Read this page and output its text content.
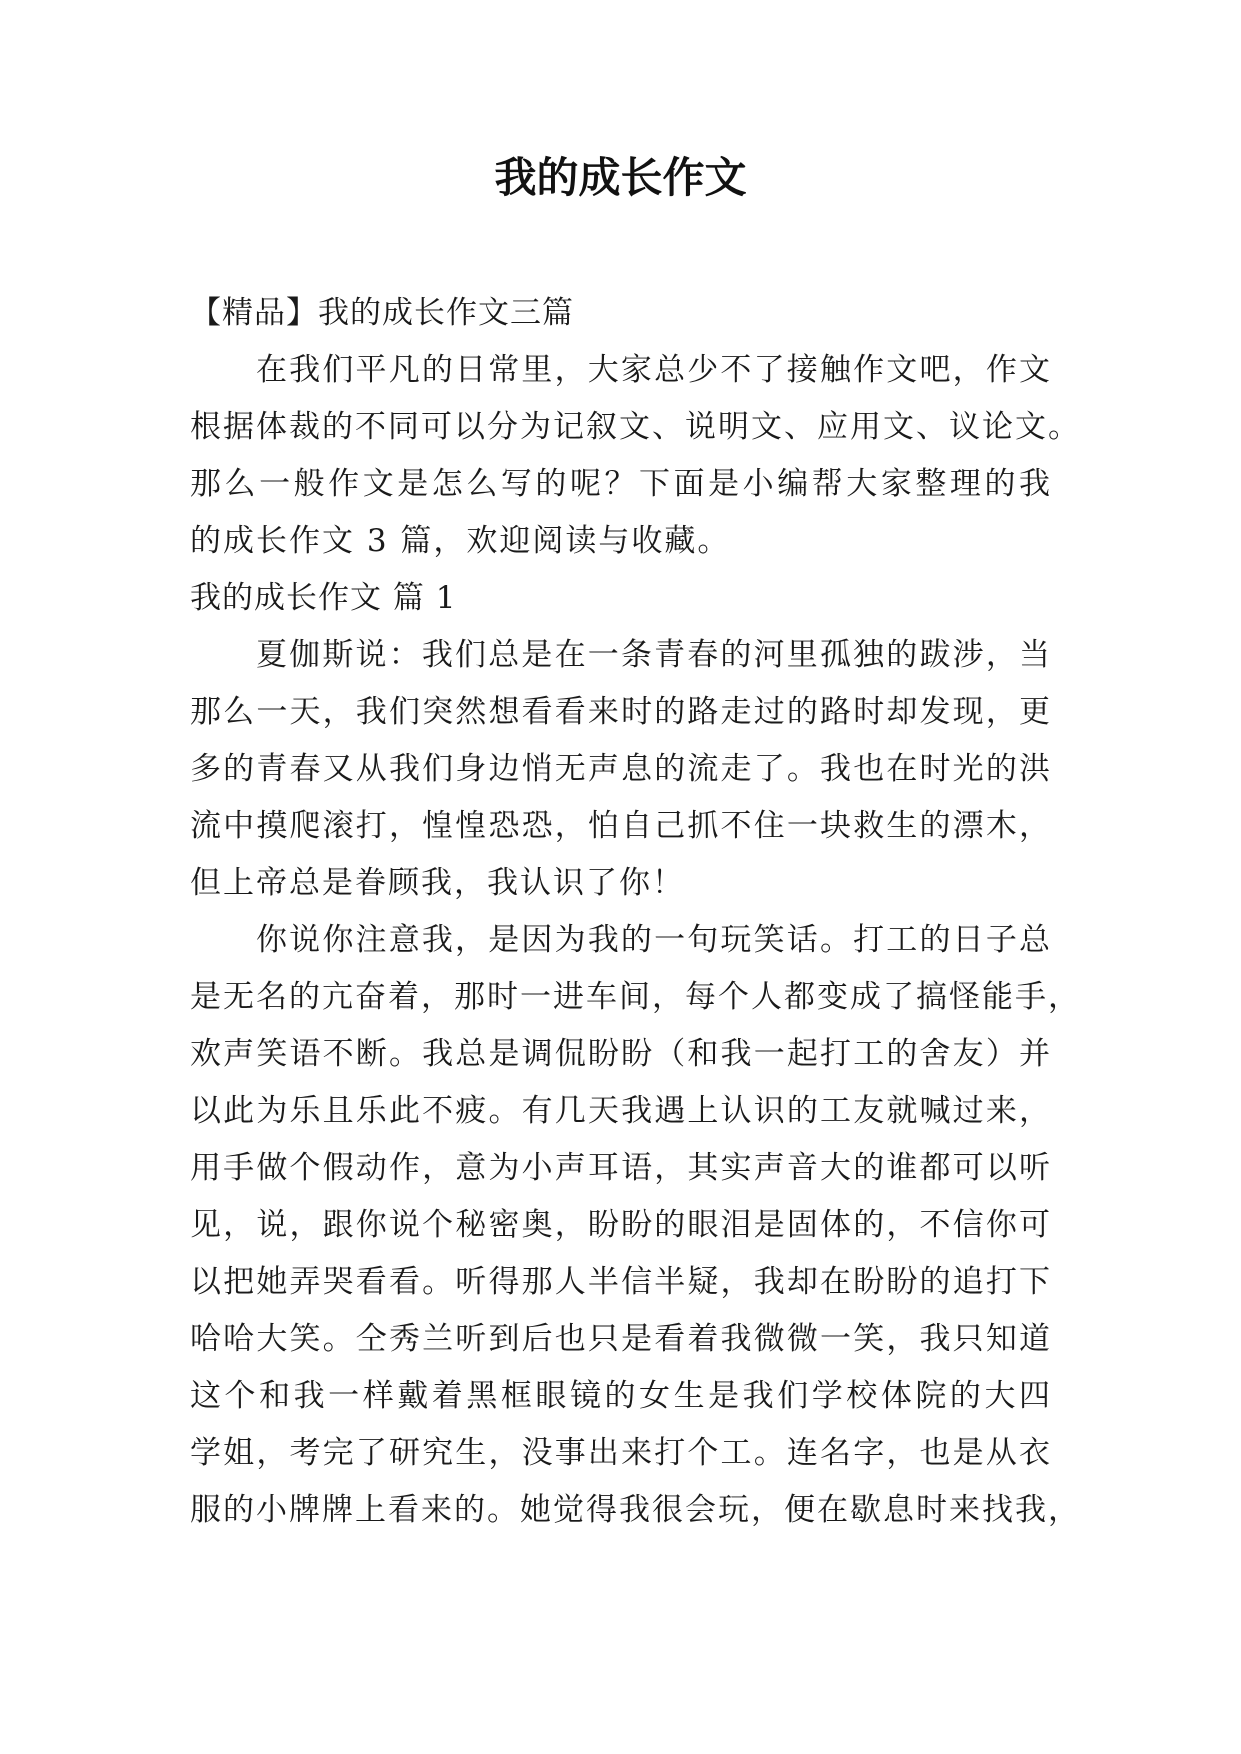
我的成长作文
【精品】我的成长作文三篇
在我们平凡的日常里，大家总少不了接触作文吧，作文
根据体裁的不同可以分为记叙文、说明文、应用文、议论文。
那么一般作文是怎么写的呢？下面是小编帮大家整理的我
的成长作文 3 篇，欢迎阅读与收藏。
我的成长作文 篇 1
夏伽斯说：我们总是在一条青春的河里孤独的跋涉，当
那么一天，我们突然想看看来时的路走过的路时却发现，更
多的青春又从我们身边悄无声息的流走了。我也在时光的洪
流中摸爬滚打，惶惶恐恐，怕自己抓不住一块救生的漂木，
但上帝总是眷顾我，我认识了你！
你说你注意我，是因为我的一句玩笑话。打工的日子总
是无名的亢奋着，那时一进车间，每个人都变成了搞怪能手，
欢声笑语不断。我总是调侃盼盼（和我一起打工的舍友）并
以此为乐且乐此不疲。有几天我遇上认识的工友就喊过来，
用手做个假动作，意为小声耳语，其实声音大的谁都可以听
见，说，跟你说个秘密奥，盼盼的眼泪是固体的，不信你可
以把她弄哭看看。听得那人半信半疑，我却在盼盼的追打下
哈哈大笑。仝秀兰听到后也只是看着我微微一笑，我只知道
这个和我一样戴着黑框眼镜的女生是我们学校体院的大四
学姐，考完了研究生，没事出来打个工。连名字，也是从衣
服的小牌牌上看来的。她觉得我很会玩，便在歇息时来找我，
